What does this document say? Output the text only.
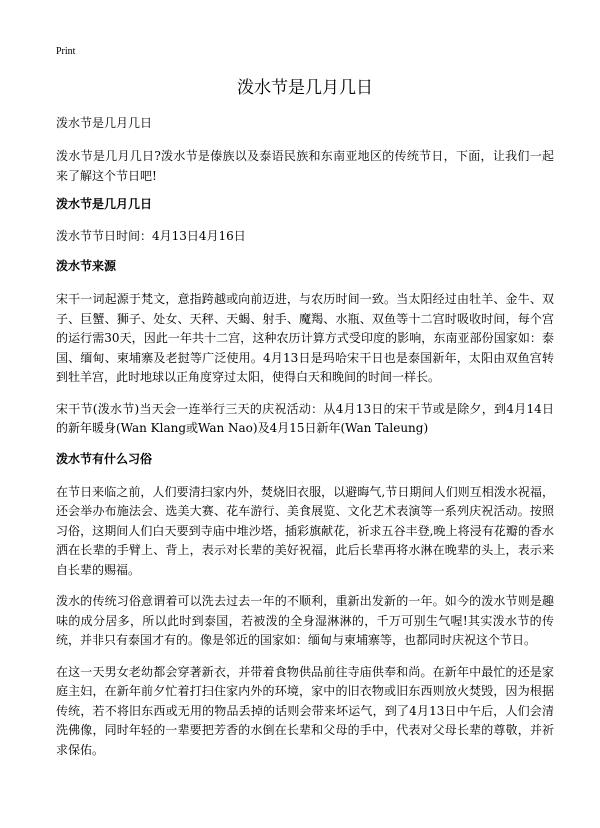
Print

泼水节是几月几日

泼水节是几月几日

泼水节是几月几日?泼水节是傣族以及泰语民族和东南亚地区的传统节日，下面，让我们一起来了解这个节日吧!

泼水节是几月几日

泼水节节日时间：4月13日4月16日

泼水节来源

宋干一词起源于梵文，意指跨越或向前迈进，与农历时间一致。当太阳经过由牡羊、金牛、双子、巨蟹、狮子、处女、天秤、天蝎、射手、魔羯、水瓶、双鱼等十二宫时吸收时间，每个宫的运行需30天，因此一年共十二宫，这种农历计算方式受印度的影响，东南亚部份国家如：泰国、缅甸、柬埔寨及老挝等广泛使用。4月13日是玛哈宋干日也是泰国新年，太阳由双鱼宫转到牡羊宫，此时地球以正角度穿过太阳，使得白天和晚间的时间一样长。

宋干节(泼水节)当天会一连举行三天的庆祝活动：从4月13日的宋干节或是除夕，到4月14日的新年暖身(Wan Klang或Wan Nao)及4月15日新年(Wan Taleung)

泼水节有什么习俗

在节日来临之前，人们要清扫家内外，焚烧旧衣服，以避晦气,节日期间人们则互相泼水祝福，还会举办布施法会、选美大赛、花车游行、美食展览、文化艺术表演等一系列庆祝活动。按照习俗，这期间人们白天要到寺庙中堆沙塔，插彩旗献花，祈求五谷丰登,晚上将浸有花瓣的香水洒在长辈的手臂上、背上，表示对长辈的美好祝福，此后长辈再将水淋在晚辈的头上，表示来自长辈的赐福。

泼水的传统习俗意谓着可以洗去过去一年的不顺利，重新出发新的一年。如今的泼水节则是趣味的成分居多，所以此时到泰国，若被泼的全身湿淋淋的，千万可别生气喔!其实泼水节的传统，并非只有泰国才有的。像是邻近的国家如：缅甸与柬埔寨等，也都同时庆祝这个节日。

在这一天男女老幼都会穿著新衣，并带着食物供品前往寺庙供奉和尚。在新年中最忙的还是家庭主妇，在新年前夕忙着打扫住家内外的环境，家中的旧衣物或旧东西则放火焚毁，因为根据传统，若不将旧东西或无用的物品丢掉的话则会带来坏运气，到了4月13日中午后，人们会清洗佛像，同时年轻的一辈要把芳香的水倒在长辈和父母的手中，代表对父母长辈的尊敬，并祈求保佑。
